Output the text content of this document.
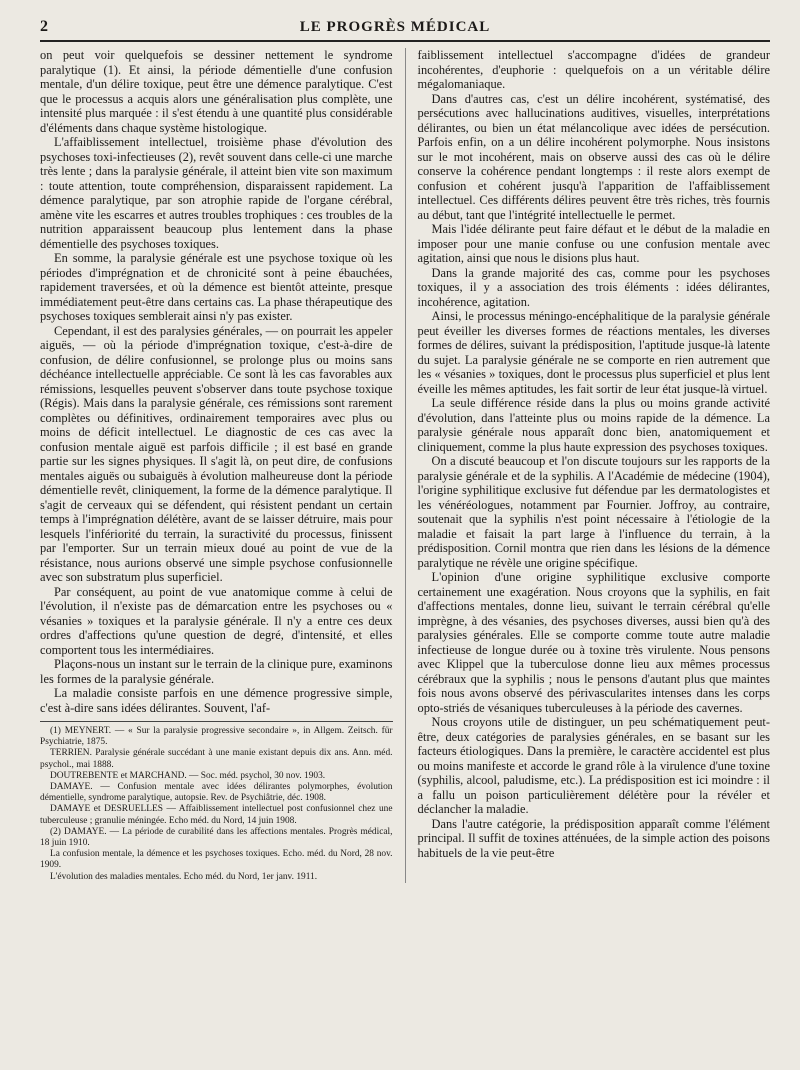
2	LE PROGRÈS MÉDICAL

on peut voir quelquefois se dessiner nettement le syndrome paralytique (1). Et ainsi, la période démentielle d'une confusion mentale, d'un délire toxique, peut être une démence paralytique. C'est que le processus a acquis alors une généralisation plus complète, une intensité plus marquée : il s'est étendu à une quantité plus considérable d'éléments dans chaque système histologique.

L'affaiblissement intellectuel, troisième phase d'évolution des psychoses toxi-infectieuses (2), revêt souvent dans celle-ci une marche très lente ; dans la paralysie générale, il atteint bien vite son maximum : toute attention, toute compréhension, disparaissent rapidement. La démence paralytique, par son atrophie rapide de l'organe cérébral, amène vite les escarres et autres troubles trophiques : ces troubles de la nutrition apparaissent beaucoup plus lentement dans la phase démentielle des psychoses toxiques.

En somme, la paralysie générale est une psychose toxique où les périodes d'imprégnation et de chronicité sont à peine ébauchées, rapidement traversées, et où la démence est bientôt atteinte, presque immédiatement peut-être dans certains cas. La phase thérapeutique des psychoses toxiques semblerait ainsi n'y pas exister.

Cependant, il est des paralysies générales, — on pourrait les appeler aiguës, — où la période d'imprégnation toxique, c'est-à-dire de confusion, de délire confusionnel, se prolonge plus ou moins sans déchéance intellectuelle appréciable. Ce sont là les cas favorables aux rémissions, lesquelles peuvent s'observer dans toute psychose toxique (Régis). Mais dans la paralysie générale, ces rémissions sont rarement complètes ou définitives, ordinairement temporaires avec plus ou moins de déficit intellectuel. Le diagnostic de ces cas avec la confusion mentale aiguë est parfois difficile ; il est basé en grande partie sur les signes physiques. Il s'agit là, on peut dire, de confusions mentales aiguës ou subaiguës à évolution malheureuse dont la période démentielle revêt, cliniquement, la forme de la démence paralytique. Il s'agit de cerveaux qui se défendent, qui résistent pendant un certain temps à l'imprégnation délétère, avant de se laisser détruire, mais pour lesquels l'infériorité du terrain, la suractivité du processus, finissent par l'emporter. Sur un terrain mieux doué au point de vue de la résistance, nous aurions observé une simple psychose confusionnelle avec son substratum plus superficiel.

Par conséquent, au point de vue anatomique comme à celui de l'évolution, il n'existe pas de démarcation entre les psychoses ou « vésanies » toxiques et la paralysie générale. Il n'y a entre ces deux ordres d'affections qu'une question de degré, d'intensité, et elles comportent tous les intermédiaires.

Plaçons-nous un instant sur le terrain de la clinique pure, examinons les formes de la paralysie générale.

La maladie consiste parfois en une démence progressive simple, c'est à-dire sans idées délirantes. Souvent, l'af-

(1) MEYNERT. — « Sur la paralysie progressive secondaire », in Allgem. Zeitsch. für Psychiatrie, 1875.

TERRIEN. Paralysie générale succédant à une manie existant depuis dix ans. Ann. méd. psychol., mai 1888.

DOUTREBENTE et MARCHAND. — Soc. méd. psychol, 30 nov. 1903.

DAMAYE. — Confusion mentale avec idées délirantes polymorphes, évolution démentielle, syndrome paralytique, autopsie. Rev. de Psychiâtrie, déc. 1908.

DAMAYE et DESRUELLES — Affaiblissement intellectuel post confusionnel chez une tuberculeuse ; granulie méningée. Echo méd. du Nord, 14 juin 1908.

(2) DAMAYE. — La période de curabilité dans les affections mentales. Progrès médical, 18 juin 1910.

La confusion mentale, la démence et les psychoses toxiques. Echo. méd. du Nord, 28 nov. 1909.

L'évolution des maladies mentales. Echo méd. du Nord, 1er janv. 1911.

faiblissement intellectuel s'accompagne d'idées de grandeur incohérentes, d'euphorie : quelquefois on a un véritable délire mégalomaniaque.

Dans d'autres cas, c'est un délire incohérent, systématisé, des persécutions avec hallucinations auditives, visuelles, interprétations délirantes, ou bien un état mélancolique avec idées de persécution. Parfois enfin, on a un délire incohérent polymorphe. Nous insistons sur le mot incohérent, mais on observe aussi des cas où le délire conserve la cohérence pendant longtemps : il reste alors exempt de confusion et cohérent jusqu'à l'apparition de l'affaiblissement intellectuel. Ces différents délires peuvent être très riches, très fournis au début, tant que l'intégrité intellectuelle le permet.

Mais l'idée délirante peut faire défaut et le début de la maladie en imposer pour une manie confuse ou une confusion mentale avec agitation, ainsi que nous le disions plus haut.

Dans la grande majorité des cas, comme pour les psychoses toxiques, il y a association des trois éléments : idées délirantes, incohérence, agitation.

Ainsi, le processus méningo-encéphalitique de la paralysie générale peut éveiller les diverses formes de réactions mentales, les diverses formes de délires, suivant la prédisposition, l'aptitude jusque-là latente du sujet. La paralysie générale ne se comporte en rien autrement que les « vésanies » toxiques, dont le processus plus superficiel et plus lent éveille les mêmes aptitudes, les fait sortir de leur état jusque-là virtuel.

La seule différence réside dans la plus ou moins grande activité d'évolution, dans l'atteinte plus ou moins rapide de la démence. La paralysie générale nous apparaît donc bien, anatomiquement et cliniquement, comme la plus haute expression des psychoses toxiques.

On a discuté beaucoup et l'on discute toujours sur les rapports de la paralysie générale et de la syphilis. A l'Académie de médecine (1904), l'origine syphilitique exclusive fut défendue par les dermatologistes et les vénéréologues, notamment par Fournier. Joffroy, au contraire, soutenait que la syphilis n'est point nécessaire à l'étiologie de la maladie et faisait la part large à l'influence du terrain, à la prédisposition. Cornil montra que rien dans les lésions de la démence paralytique ne révèle une origine spécifique.

L'opinion d'une origine syphilitique exclusive comporte certainement une exagération. Nous croyons que la syphilis, en fait d'affections mentales, donne lieu, suivant le terrain cérébral qu'elle imprègne, à des vésanies, des psychoses diverses, aussi bien qu'à des paralysies générales. Elle se comporte comme toute autre maladie infectieuse de longue durée ou à toxine très virulente. Nous pensons avec Klippel que la tuberculose donne lieu aux mêmes processus cérébraux que la syphilis ; nous le pensons d'autant plus que maintes fois nous avons observé des périvascularites intenses dans les corps opto-striés de vésaniques tuberculeuses à la période des cavernes.

Nous croyons utile de distinguer, un peu schématiquement peut-être, deux catégories de paralysies générales, en se basant sur les facteurs étiologiques. Dans la première, le caractère accidentel est plus ou moins manifeste et accorde le grand rôle à la virulence d'une toxine (syphilis, alcool, paludisme, etc.). La prédisposition est ici moindre : il a fallu un poison particulièrement délétère pour la révéler et déclancher la maladie.

Dans l'autre catégorie, la prédisposition apparaît comme l'élément principal. Il suffit de toxines atténuées, de la simple action des poisons habituels de la vie peut-être
